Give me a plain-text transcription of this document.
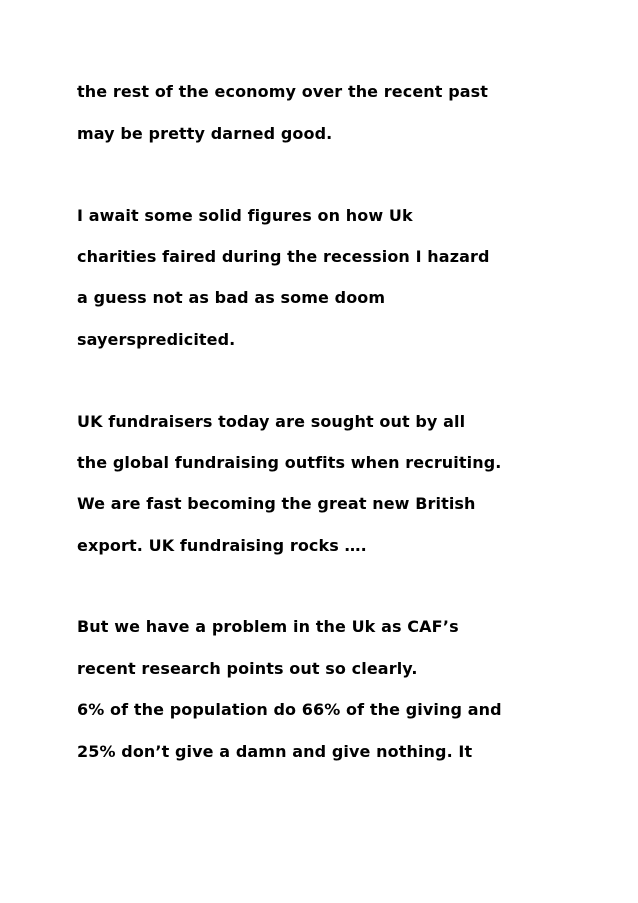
the rest of the economy over the recent past

may be pretty darned good.

I await some solid figures on how Uk

charities faired during the recession I hazard

a guess not as bad as some doom

sayerspredicited.

UK fundraisers today are sought out by all

the global fundraising outfits when recruiting.

We are fast becoming the great new British

export. UK fundraising rocks ….

But we have a problem in the Uk as CAF’s

recent research points out so clearly.

6% of the population do 66% of the giving and

25% don’t give a damn and give nothing. It
